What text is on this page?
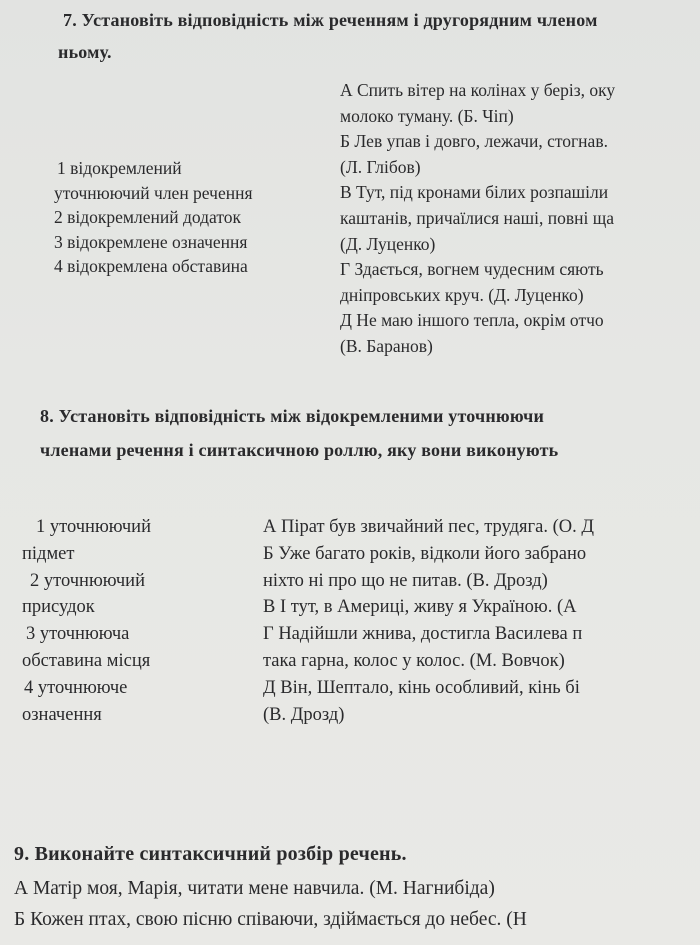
7. Установіть відповідність між реченням і другорядним членом
ньому.
1 відокремлений
уточнюючий член речення
2 відокремлений додаток
3 відокремлене означення
4 відокремлена обставина
А Спить вітер на колінах у беріз, оку
молоко туману. (Б. Чіп)
Б Лев упав і довго, лежачи, стогнав.
(Л. Глібов)
В Тут, під кронами білих розпашіли
каштанів, причаїлися наші, повні ща
(Д. Луценко)
Г Здається, вогнем чудесним сяють
дніпровських круч. (Д. Луценко)
Д Не маю іншого тепла, окрім отчо
(В. Баранов)
8. Установіть відповідність між відокремленими уточнюючи
членами речення і синтаксичною роллю, яку вони виконують
1 уточнюючий
підмет
2 уточнюючий
присудок
3 уточнююча
обставина місця
4 уточнююче
означення
А Пірат був звичайний пес, трудяга. (О. Д
Б Уже багато років, відколи його забрано
ніхто ні про що не питав. (В. Дрозд)
В І тут, в Америці, живу я Україною. (А
Г Надійшли жнива, достигла Василева п
така гарна, колос у колос. (М. Вовчок)
Д Він, Шептало, кінь особливий, кінь бі
(В. Дрозд)
9. Виконайте синтаксичний розбір речень.
А Матір моя, Марія, читати мене навчила. (М. Нагнибіда)
Б Кожен птах, свою пісню співаючи, здіймається до небес. (Н
